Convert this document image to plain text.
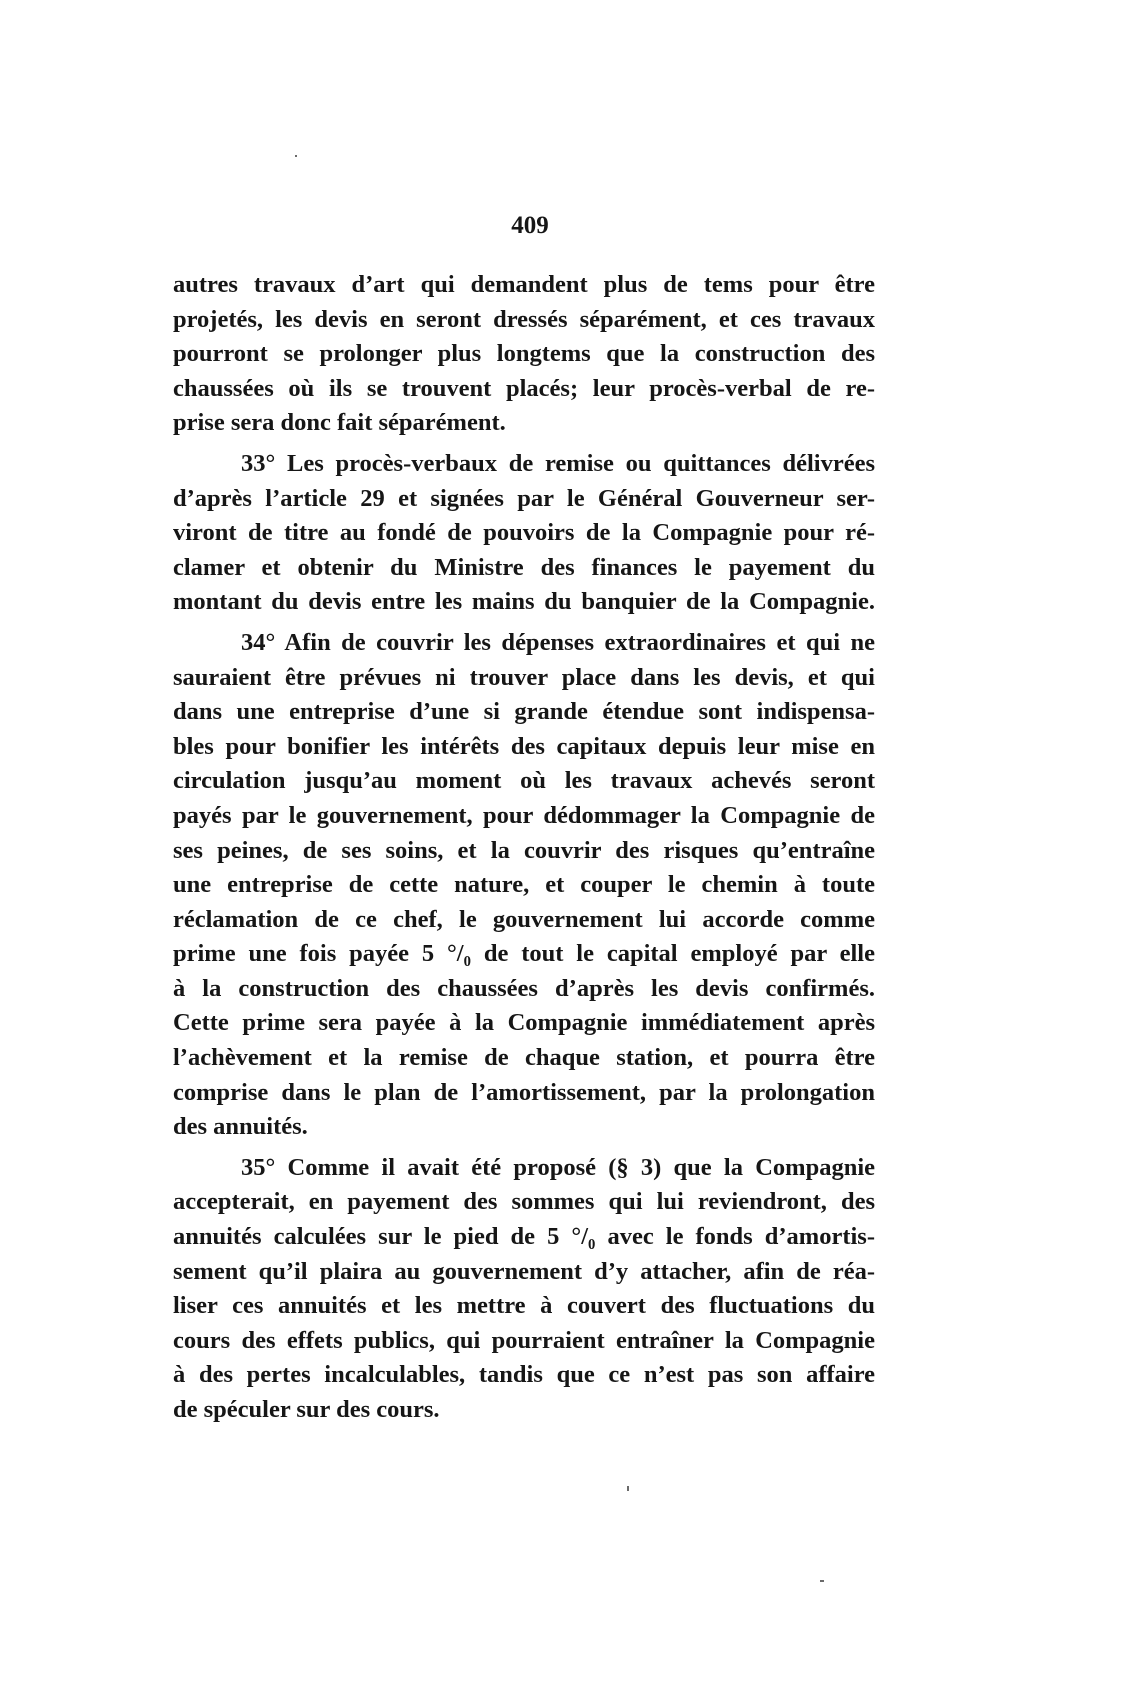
409
autres travaux d’art qui demandent plus de tems pour être
projetés, les devis en seront dressés séparément, et ces travaux
pourront se prolonger plus longtems que la construction des
chaussées où ils se trouvent placés; leur procès-verbal de re-
prise sera donc fait séparément.
33° Les procès-verbaux de remise ou quittances délivrées
d’après l’article 29 et signées par le Général Gouverneur ser-
viront de titre au fondé de pouvoirs de la Compagnie pour ré-
clamer et obtenir du Ministre des finances le payement du
montant du devis entre les mains du banquier de la Compagnie.
34° Afin de couvrir les dépenses extraordinaires et qui ne
sauraient être prévues ni trouver place dans les devis, et qui
dans une entreprise d’une si grande étendue sont indispensa-
bles pour bonifier les intérêts des capitaux depuis leur mise en
circulation jusqu’au moment où les travaux achevés seront
payés par le gouvernement, pour dédommager la Compagnie de
ses peines, de ses soins, et la couvrir des risques qu’entraîne
une entreprise de cette nature, et couper le chemin à toute
réclamation de ce chef, le gouvernement lui accorde comme
prime une fois payée 5 °/₀ de tout le capital employé par elle
à la construction des chaussées d’après les devis confirmés.
Cette prime sera payée à la Compagnie immédiatement après
l’achèvement et la remise de chaque station, et pourra être
comprise dans le plan de l’amortissement, par la prolongation
des annuités.
35° Comme il avait été proposé (§ 3) que la Compagnie
accepterait, en payement des sommes qui lui reviendront, des
annuités calculées sur le pied de 5 °/₀ avec le fonds d’amortis-
sement qu’il plaira au gouvernement d’y attacher, afin de réa-
liser ces annuités et les mettre à couvert des fluctuations du
cours des effets publics, qui pourraient entraîner la Compagnie
à des pertes incalculables, tandis que ce n’est pas son affaire
de spéculer sur des cours.
